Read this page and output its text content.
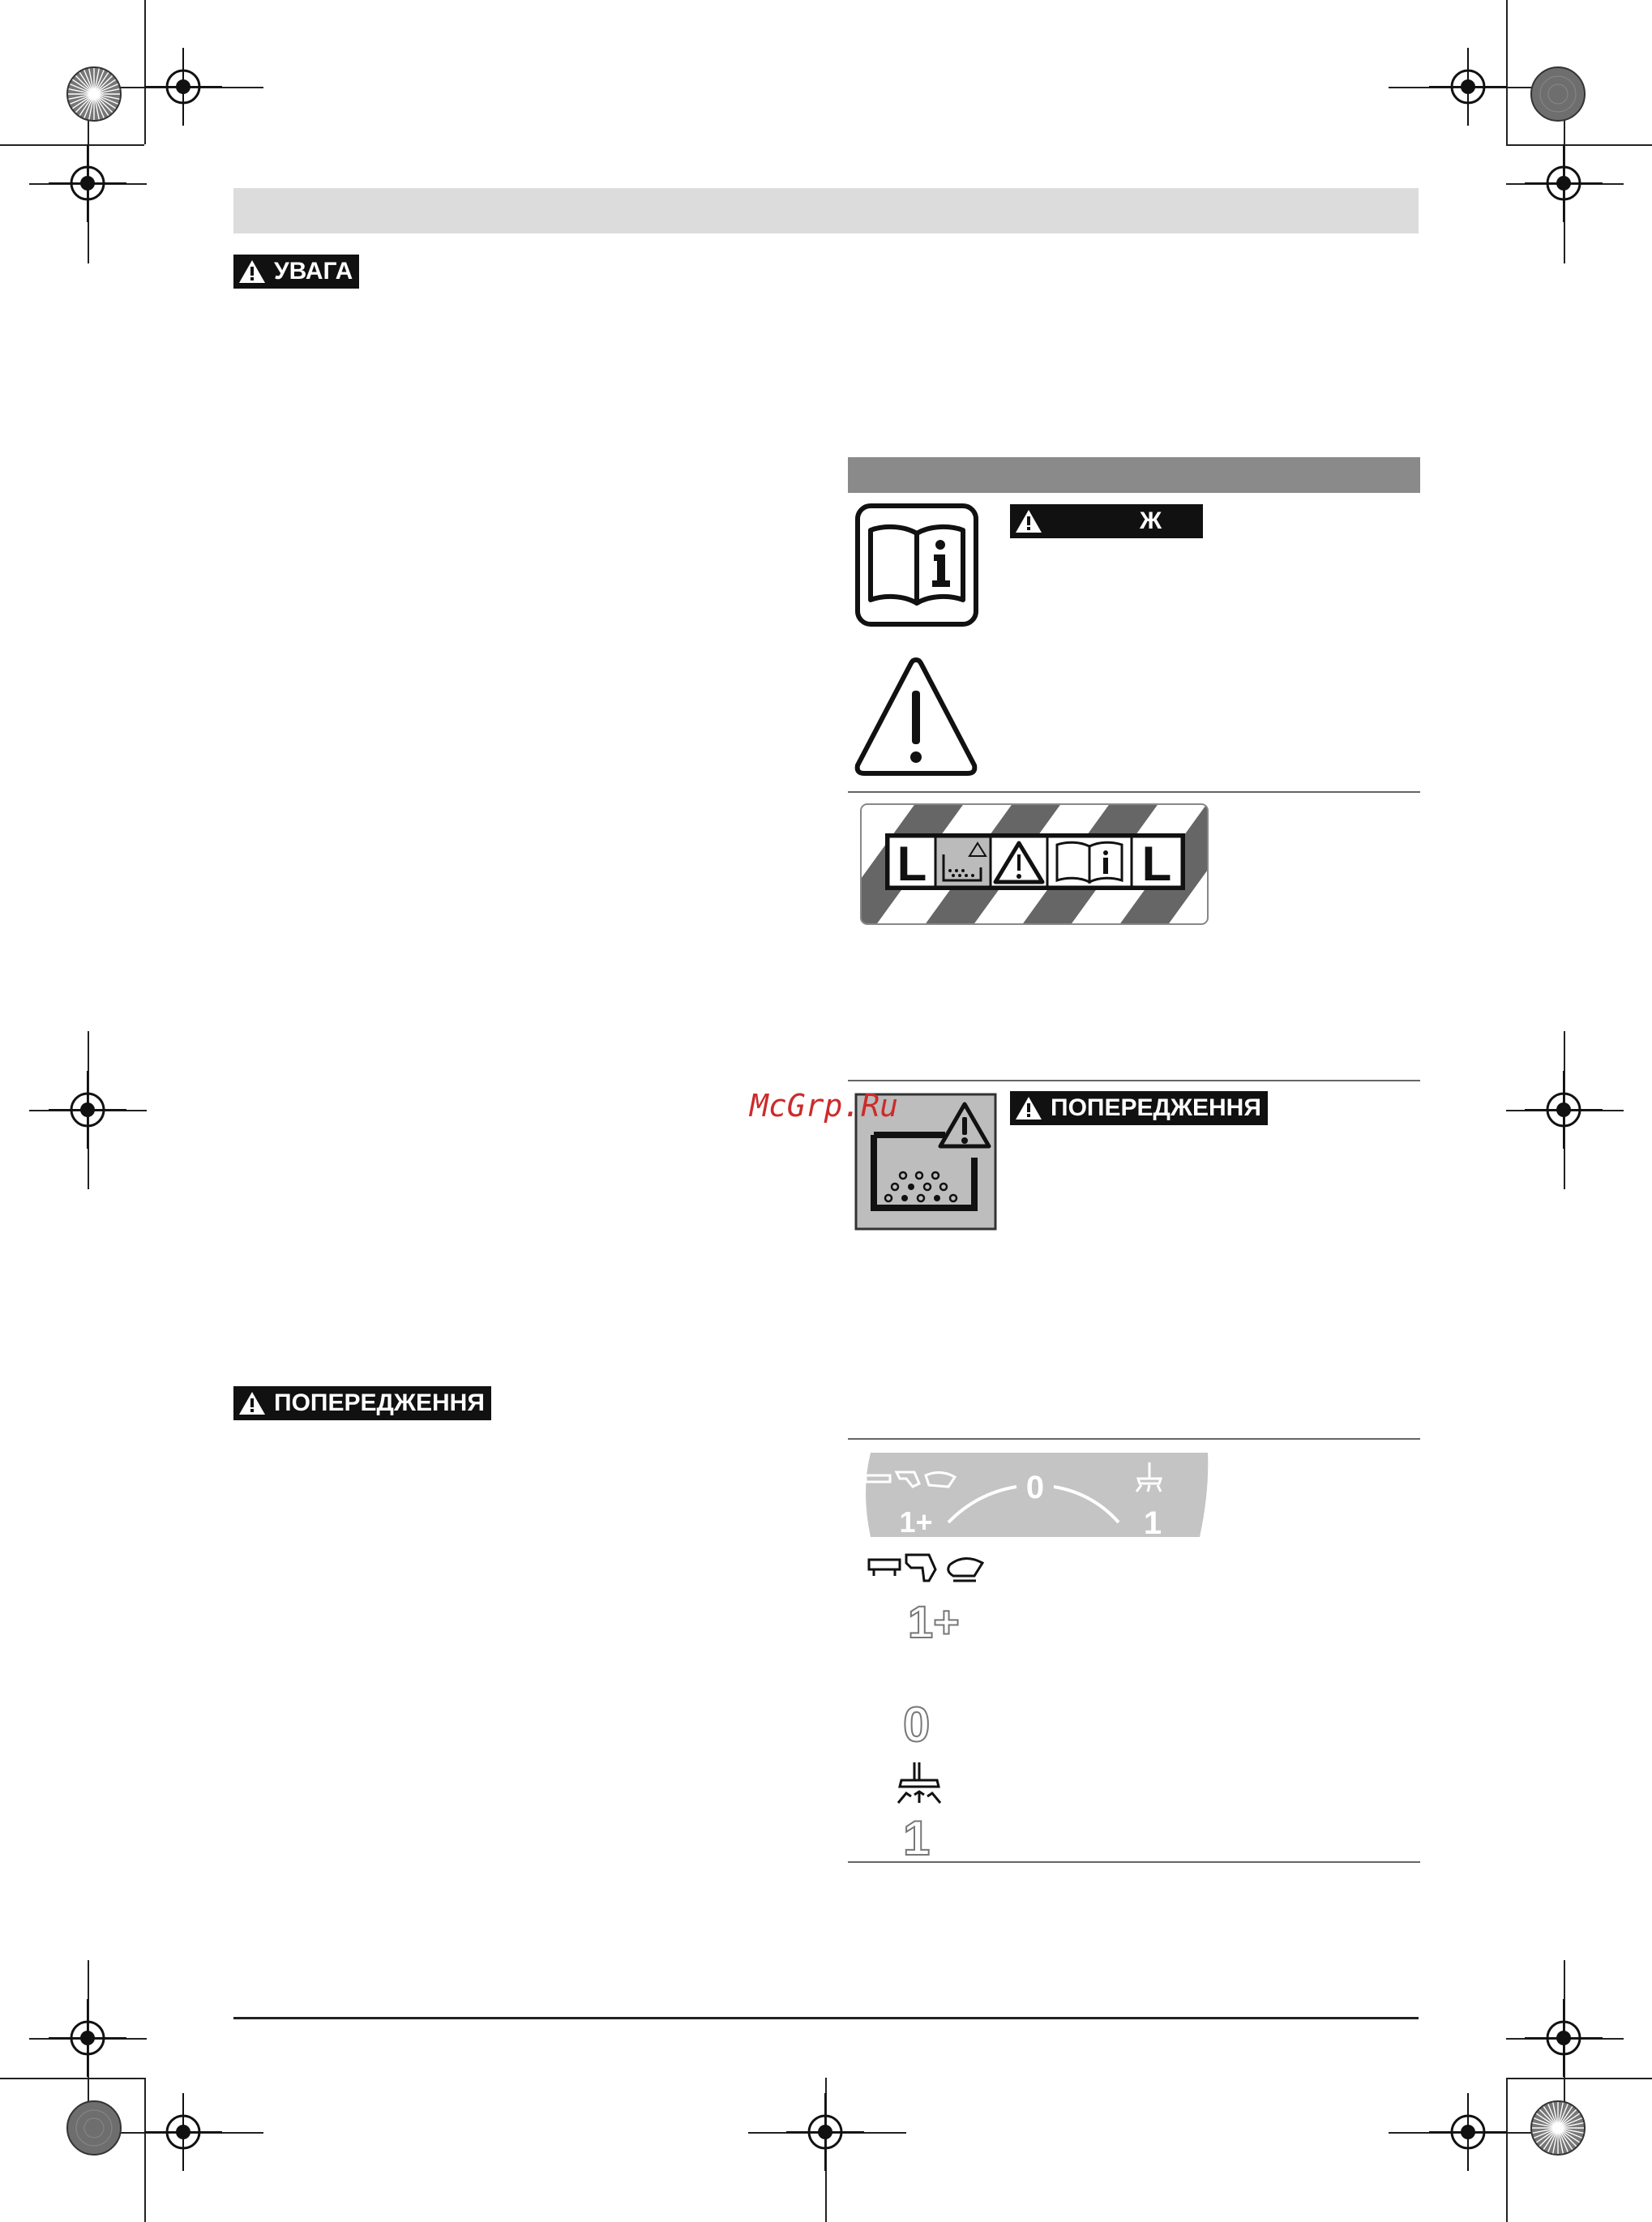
УВАГА
ПОПЕРЕДЖЕННЯ
Ж
L	L
ПОПЕРЕДЖЕННЯ
0
1+	1
1+
0
1
McGrp.Ru
